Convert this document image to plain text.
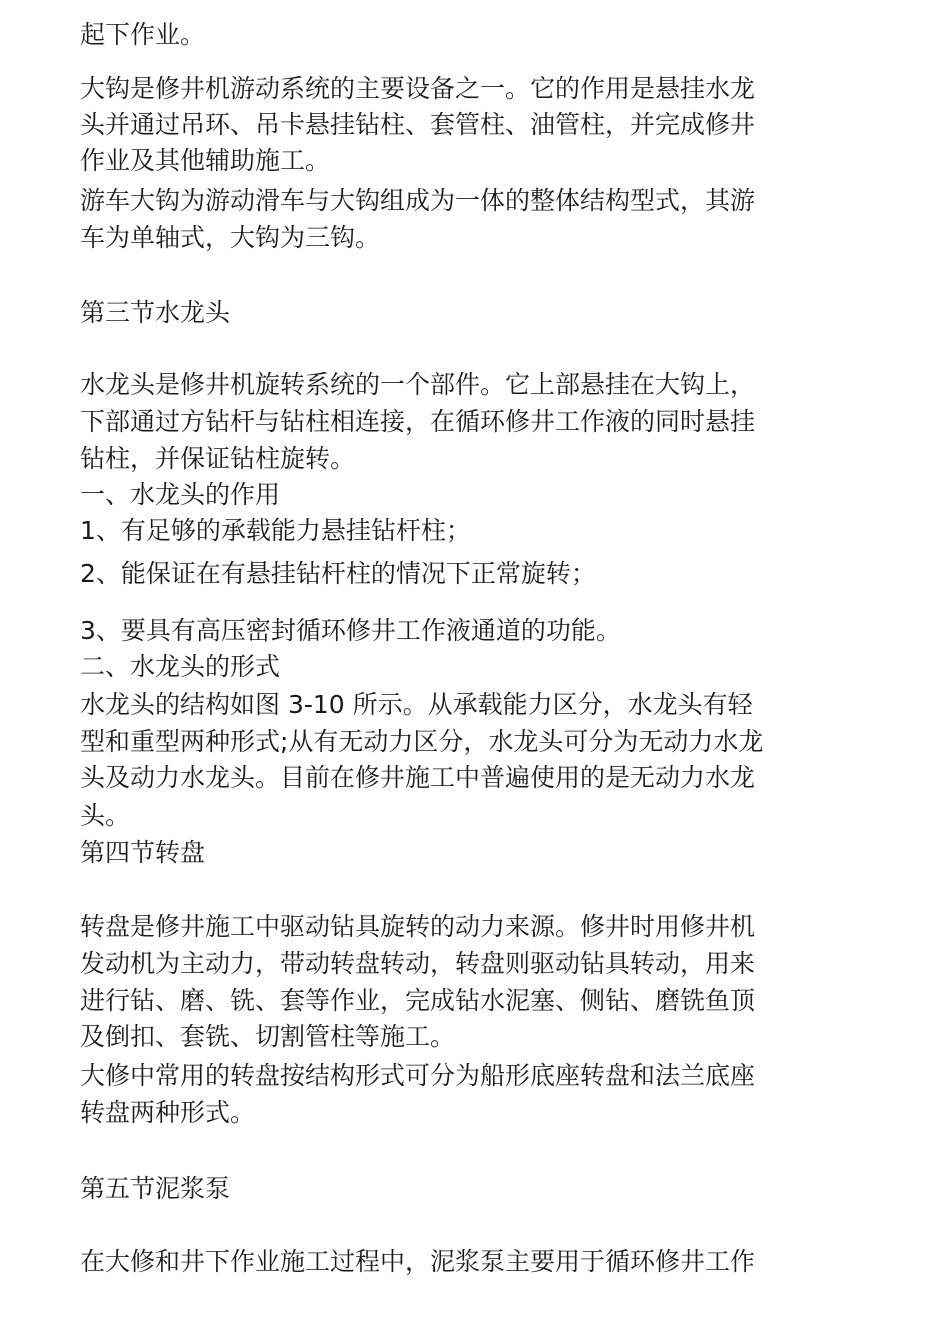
起下作业。
大钩是修井机游动系统的主要设备之一。它的作用是悬挂水龙
头并通过吊环、吊卡悬挂钻柱、套管柱、油管柱，并完成修井
作业及其他辅助施工。
游车大钩为游动滑车与大钩组成为一体的整体结构型式，其游
车为单轴式，大钩为三钩。
第三节水龙头
水龙头是修井机旋转系统的一个部件。它上部悬挂在大钩上，
下部通过方钻杆与钻柱相连接，在循环修井工作液的同时悬挂
钻柱，并保证钻柱旋转。
一、水龙头的作用
1、有足够的承载能力悬挂钻杆柱；
2、能保证在有悬挂钻杆柱的情况下正常旋转；
3、要具有高压密封循环修井工作液通道的功能。
二、水龙头的形式
水龙头的结构如图 3-10 所示。从承载能力区分，水龙头有轻
型和重型两种形式;从有无动力区分，水龙头可分为无动力水龙
头及动力水龙头。目前在修井施工中普遍使用的是无动力水龙
头。
第四节转盘
转盘是修井施工中驱动钻具旋转的动力来源。修井时用修井机
发动机为主动力，带动转盘转动，转盘则驱动钻具转动，用来
进行钻、磨、铣、套等作业，完成钻水泥塞、侧钻、磨铣鱼顶
及倒扣、套铣、切割管柱等施工。
大修中常用的转盘按结构形式可分为船形底座转盘和法兰底座
转盘两种形式。
第五节泥浆泵
在大修和井下作业施工过程中，泥浆泵主要用于循环修井工作
